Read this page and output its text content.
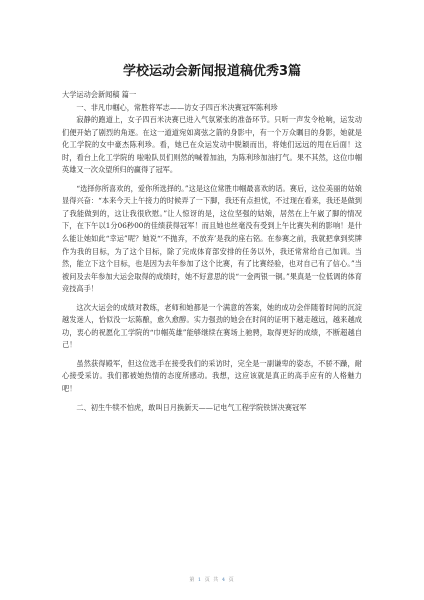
学校运动会新闻报道稿优秀3篇

大学运动会新闻稿 篇一

一、非凡巾帼心，常胜将军志——访女子四百米决赛冠军陈利珍

寂静的跑道上，女子四百米决赛已进入气氛紧张的准备环节。只听一声发令枪响，运发动们便开始了剧烈的角逐。在这一道道宛如离弦之箭的身影中，有一个万众瞩目的身影，她就是化工学院的女中豪杰陈利珍。看，她已在众运发动中脱颖而出，将她们远远的甩在后面！这时，看台上化工学院的 啦啦队员们则然的喊着加油，为陈利珍加油打气。果不其然，这位巾帼英雄又一次众望所归的赢得了冠军。

“选择你所喜欢的，爱你所选择的。”这是这位常胜巾帼最喜欢的话。赛后，这位美丽的姑娘显得兴奋：“本来今天上午接力的时候弄了一下脚，我还有点担忧，不过现在看来，我还是做到了我能做到的，这让我很欣慰。”让人惊讶的是，这位坚强的姑娘，居然在上午崴了脚的情况下，在下午以1分06秒00的佳绩获得冠军！而且她也丝毫没有受到上午比赛失利的影响！是什么能让她如此“幸运”呢？她说“‘不抛弃，不放弃’是我的座右铭。在参赛之前，我就把拿到奖牌作为我的目标，为了这个目标，除了完成体育部安排的任务以外，我还常常给自己加训。当然，能立下这个目标，也是因为去年参加了这个比赛，有了比赛经验，也对自己有了信心。”当被问及去年参加大运会取得的成绩时，她不好意思的说“一金两银一铜。”果真是一位低调的体育竞技高手！

这次大运会的成绩对教练，老师和她都是一个满意的答案，她的成功会伴随着时间的沉淀越发迷人，恰似没一坛陈酿，愈久愈醇。实力强劲的她会在时间的证明下越走越远，越来越成功，衷心的祝愿化工学院的“巾帼英雄”能够继续在赛场上驰骋，取得更好的成绩，不断超越自己！

虽然获得殿军，但这位选手在接受我们的采访时，完全是一副谦卑的姿态，不骄不躁，耐心接受采访。我们都被她热情的态度所感动。我想，这应该就是真正的高手应有的人格魅力吧！

二、初生牛犊不怕虎，敢叫日月换新天——记电气工程学院铁饼决赛冠军

第 1 页 共 4 页
